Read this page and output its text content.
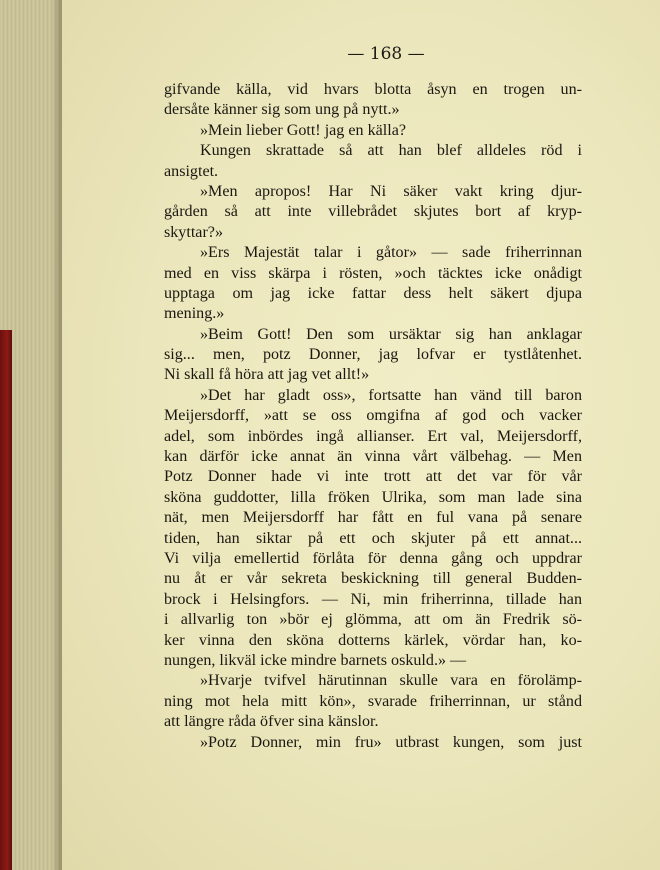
— 168 —
gifvande källa, vid hvars blotta åsyn en trogen un-
dersåte känner sig som ung på nytt.»
»Mein lieber Gott! jag en källa?
Kungen skrattade så att han blef alldeles röd i
ansigtet.
»Men apropos! Har Ni säker vakt kring djur-
gården så att inte villebrådet skjutes bort af kryp-
skyttar?»
»Ers Majestät talar i gåtor» — sade friherrinnan
med en viss skärpa i rösten, »och täcktes icke onådigt
upptaga om jag icke fattar dess helt säkert djupa
mening.»
»Beim Gott! Den som ursäktar sig han anklagar
sig... men, potz Donner, jag lofvar er tystlåtenhet.
Ni skall få höra att jag vet allt!»
»Det har gladt oss», fortsatte han vänd till baron
Meijersdorff, »att se oss omgifna af god och vacker
adel, som inbördes ingå allianser. Ert val, Meijersdorff,
kan därför icke annat än vinna vårt välbehag. — Men
Potz Donner hade vi inte trott att det var för vår
sköna guddotter, lilla fröken Ulrika, som man lade sina
nät, men Meijersdorff har fått en ful vana på senare
tiden, han siktar på ett och skjuter på ett annat...
Vi vilja emellertid förlåta för denna gång och uppdrar
nu åt er vår sekreta beskickning till general Budden-
brock i Helsingfors. — Ni, min friherrinna, tillade han
i allvarlig ton »bör ej glömma, att om än Fredrik sö-
ker vinna den sköna dotterns kärlek, vördar han, ko-
nungen, likväl icke mindre barnets oskuld.» —
»Hvarje tvifvel härutinnan skulle vara en förolämp-
ning mot hela mitt kön», svarade friherrinnan, ur stånd
att längre råda öfver sina känslor.
»Potz Donner, min fru» utbrast kungen, som just
